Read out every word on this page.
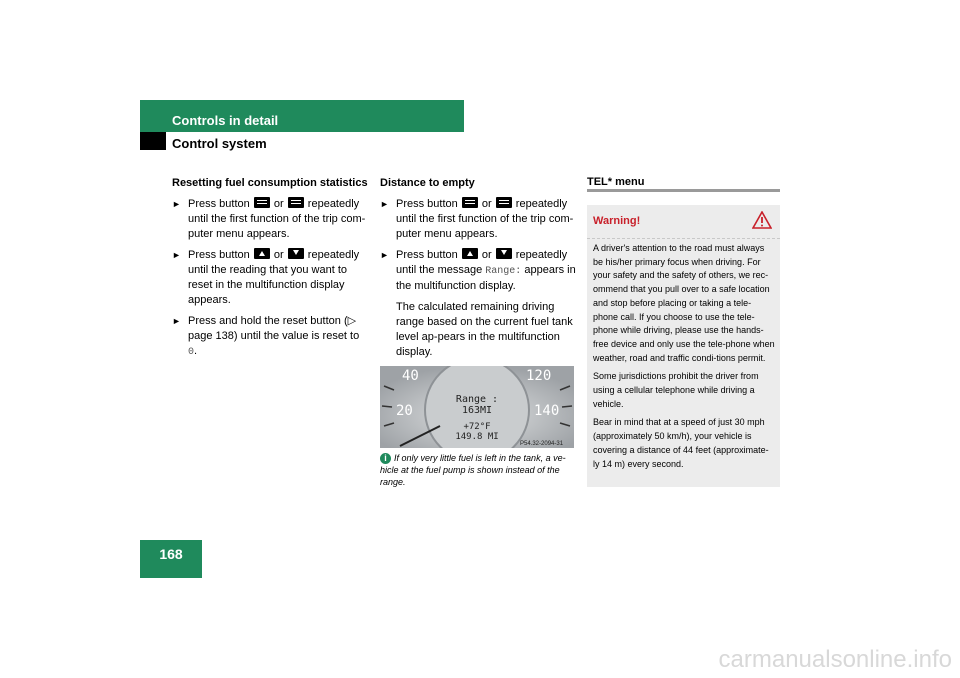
Controls in detail
Control system
Resetting fuel consumption statistics
► Press button or repeatedly until the first function of the trip com-puter menu appears.
► Press button or repeatedly until the reading that you want to reset in the multifunction display appears.
► Press and hold the reset button (▷ page 138) until the value is reset to 0.
Distance to empty
► Press button or repeatedly until the first function of the trip com-puter menu appears.
► Press button or repeatedly until the message Range: appears in the multifunction display.
The calculated remaining driving range based on the current fuel tank level ap-pears in the multifunction display.
40	120
20	140
Range :
163MI
+72°F
149.8 MI
P54.32-2094-31
i If only very little fuel is left in the tank, a ve-hicle at the fuel pump is shown instead of the range.
TEL* menu
Warning!

A driver's attention to the road must always be his/her primary focus when driving. For your safety and the safety of others, we rec-ommend that you pull over to a safe location and stop before placing or taking a tele-phone call. If you choose to use the tele-phone while driving, please use the hands-free device and only use the tele-phone when weather, road and traffic condi-tions permit.

Some jurisdictions prohibit the driver from using a cellular telephone while driving a vehicle.

Bear in mind that at a speed of just 30 mph (approximately 50 km/h), your vehicle is covering a distance of 44 feet (approximate-ly 14 m) every second.

168
carmanualsonline.info
